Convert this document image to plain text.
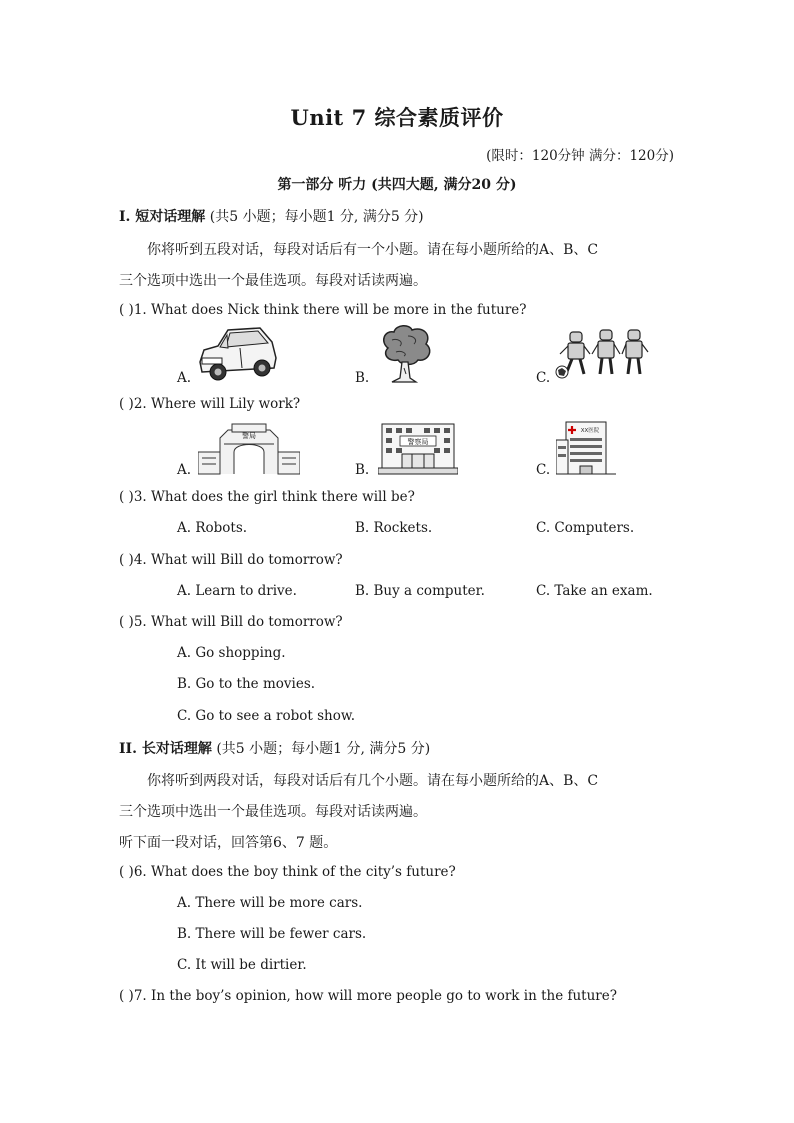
Unit 7 综合素质评价
(限时：120分钟 满分：120分)
第一部分 听力 (共四大题, 满分20 分)
I. 短对话理解 (共5 小题；每小题1 分, 满分5 分)
你将听到五段对话，每段对话后有一个小题。请在每小题所给的A、B、C
三个选项中选出一个最佳选项。每段对话读两遍。
( )1. What does Nick think there will be more in the future?
A.	B.	C.
( )2. Where will Lily work?
A.	B.	C.
警局
警察局
XX医院
( )3. What does the girl think there will be?
A. Robots.	B. Rockets.	C. Computers.
( )4. What will Bill do tomorrow?
A. Learn to drive.	B. Buy a computer.	C. Take an exam.
( )5. What will Bill do tomorrow?
A. Go shopping.
B. Go to the movies.
C. Go to see a robot show.
II. 长对话理解 (共5 小题；每小题1 分, 满分5 分)
你将听到两段对话，每段对话后有几个小题。请在每小题所给的A、B、C
三个选项中选出一个最佳选项。每段对话读两遍。
听下面一段对话，回答第6、7 题。
( )6. What does the boy think of the city’s future?
A. There will be more cars.
B. There will be fewer cars.
C. It will be dirtier.
( )7. In the boy’s opinion, how will more people go to work in the future?
